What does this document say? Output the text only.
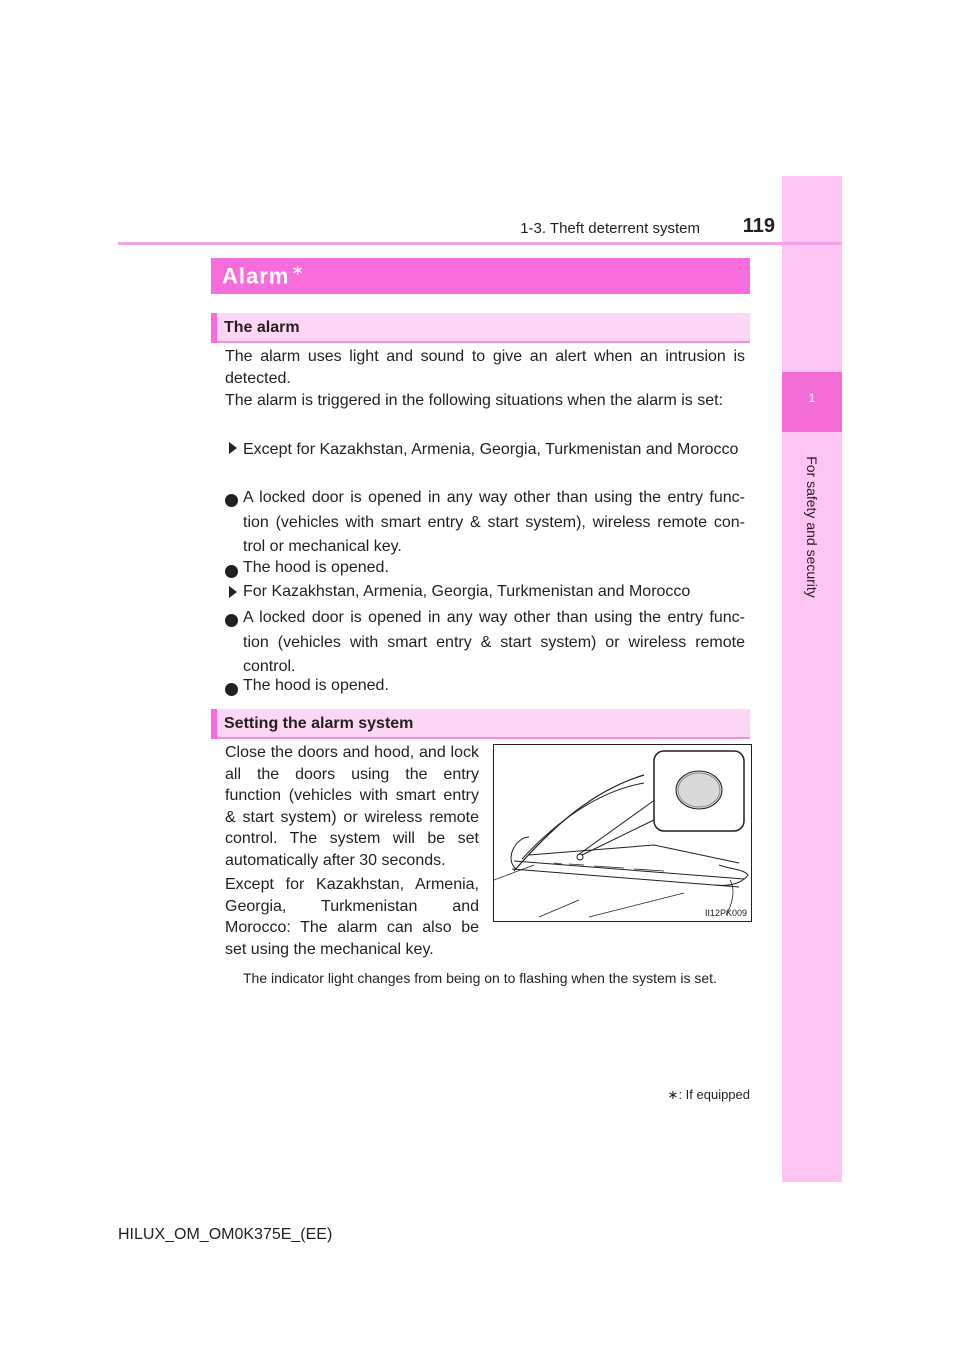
1
For safety and security
1-3. Theft deterrent system	119
Alarm ∗
The alarm
The alarm uses light and sound to give an alert when an intrusion is detected.
The alarm is triggered in the following situations when the alarm is set:
Except for Kazakhstan, Armenia, Georgia, Turkmenistan and Morocco
A locked door is opened in any way other than using the entry func- tion (vehicles with smart entry & start system), wireless remote con- trol or mechanical key.
The hood is opened.
For Kazakhstan, Armenia, Georgia, Turkmenistan and Morocco
A locked door is opened in any way other than using the entry func- tion (vehicles with smart entry & start system) or wireless remote control.
The hood is opened.
Setting the alarm system
Close the doors and hood, and lock all the doors using the entry function (vehicles with smart entry & start system) or wireless remote control. The system will be set automatically after 30 seconds.
Except for Kazakhstan, Armenia, Georgia, Turkmenistan and Morocco: The alarm can also be set using the mechanical key.
II12PK009
The indicator light changes from being on to flashing when the system is set.
∗: If equipped
HILUX_OM_OM0K375E_(EE)
